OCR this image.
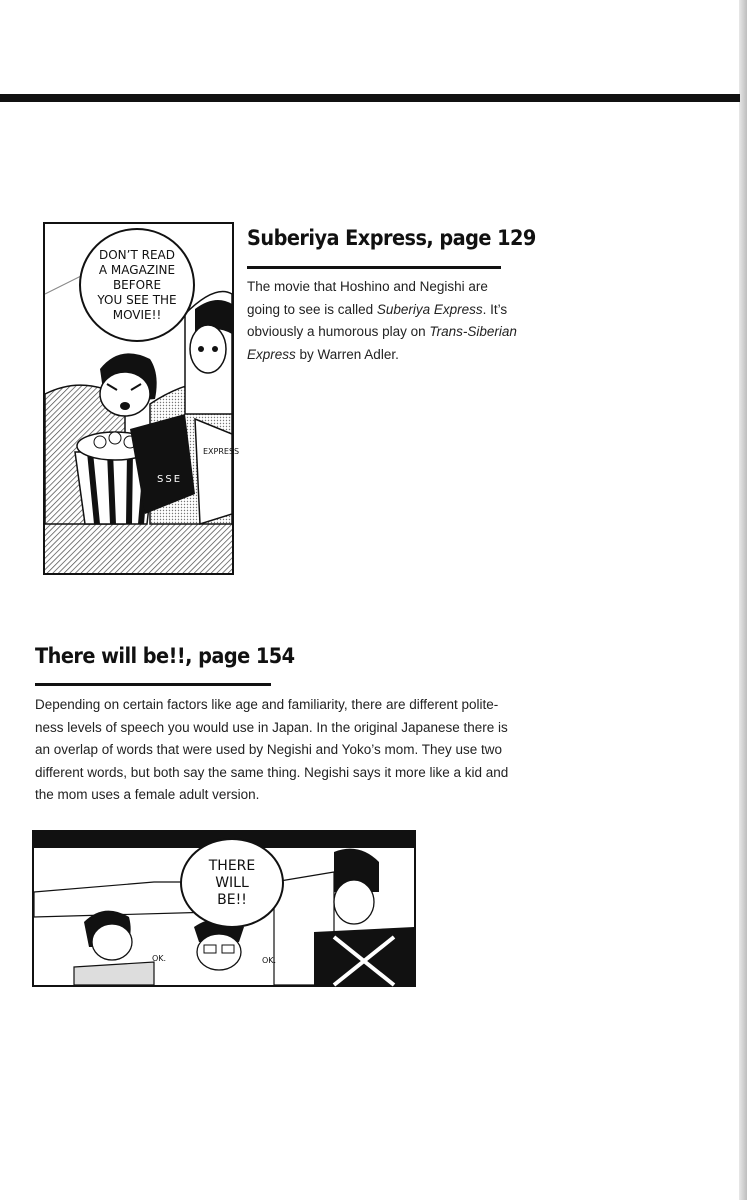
EXPRESS
DON’T READ
A MAGAZINE
BEFORE
YOU SEE THE
MOVIE!!
SSE
Suberiya Express, page 129

The movie that Hoshino and Negishi are going to see is called Suberiya Express. It’s obviously a humorous play on Trans-Siberian Express by Warren Adler.

There will be!!, page 154

Depending on certain factors like age and familiarity, there are different polite-ness levels of speech you would use in Japan. In the original Japanese there is an overlap of words that were used by Negishi and Yoko’s mom. They use two different words, but both say the same thing. Negishi says it more like a kid and the mom uses a female adult version.

THERE
WILL
BE!!
OK.	OK.
